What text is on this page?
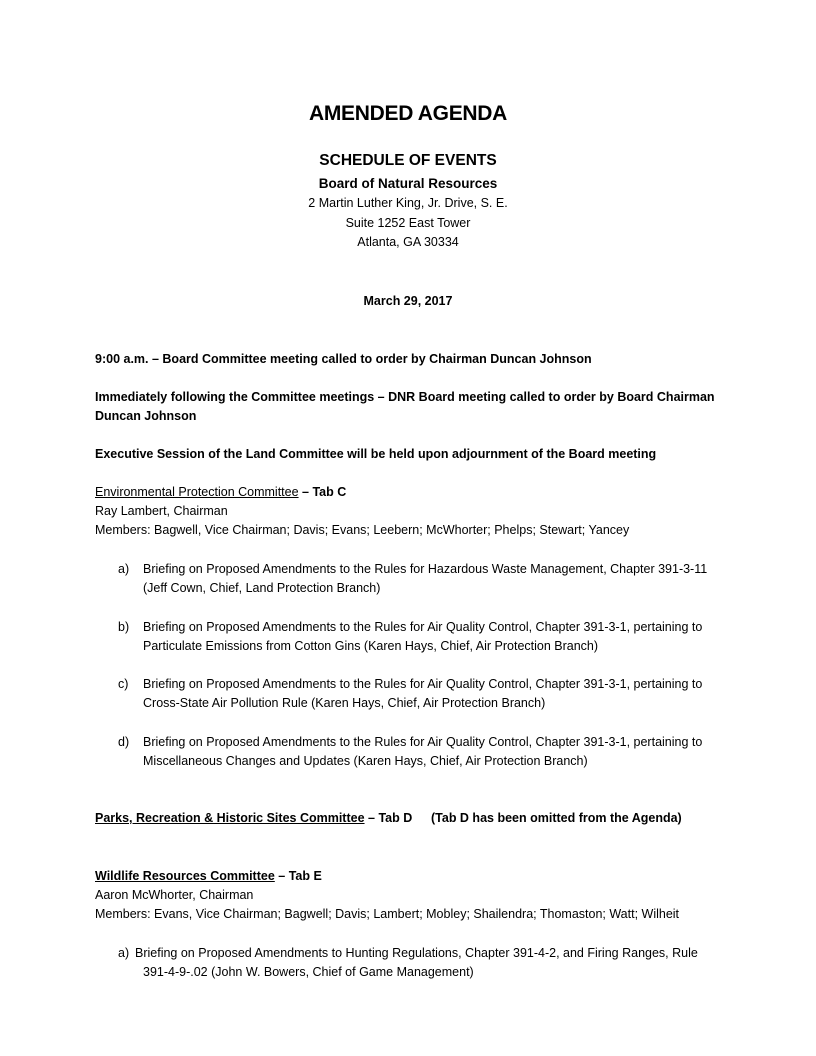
AMENDED AGENDA
SCHEDULE OF EVENTS
Board of Natural Resources
2 Martin Luther King, Jr. Drive, S. E.
Suite 1252 East Tower
Atlanta, GA 30334
March 29, 2017
9:00 a.m. – Board Committee meeting called to order by Chairman Duncan Johnson
Immediately following the Committee meetings – DNR Board meeting called to order by Board Chairman
Duncan Johnson
Executive Session of the Land Committee will be held upon adjournment of the Board meeting
Environmental Protection Committee – Tab C
Ray Lambert, Chairman
Members: Bagwell, Vice Chairman; Davis; Evans; Leebern; McWhorter; Phelps; Stewart; Yancey
a) Briefing on Proposed Amendments to the Rules for Hazardous Waste Management, Chapter 391-3-11
(Jeff Cown, Chief, Land Protection Branch)
b) Briefing on Proposed Amendments to the Rules for Air Quality Control, Chapter 391-3-1, pertaining to
Particulate Emissions from Cotton Gins (Karen Hays, Chief, Air Protection Branch)
c) Briefing on Proposed Amendments to the Rules for Air Quality Control, Chapter 391-3-1, pertaining to
Cross-State Air Pollution Rule (Karen Hays, Chief, Air Protection Branch)
d) Briefing on Proposed Amendments to the Rules for Air Quality Control, Chapter 391-3-1, pertaining to
Miscellaneous Changes and Updates (Karen Hays, Chief, Air Protection Branch)
Parks, Recreation & Historic Sites Committee – Tab D (Tab D has been omitted from the Agenda)
Wildlife Resources Committee – Tab E
Aaron McWhorter, Chairman
Members: Evans, Vice Chairman; Bagwell; Davis; Lambert; Mobley; Shailendra; Thomaston; Watt; Wilheit
a) Briefing on Proposed Amendments to Hunting Regulations, Chapter 391-4-2, and Firing Ranges, Rule
391-4-9-.02 (John W. Bowers, Chief of Game Management)
